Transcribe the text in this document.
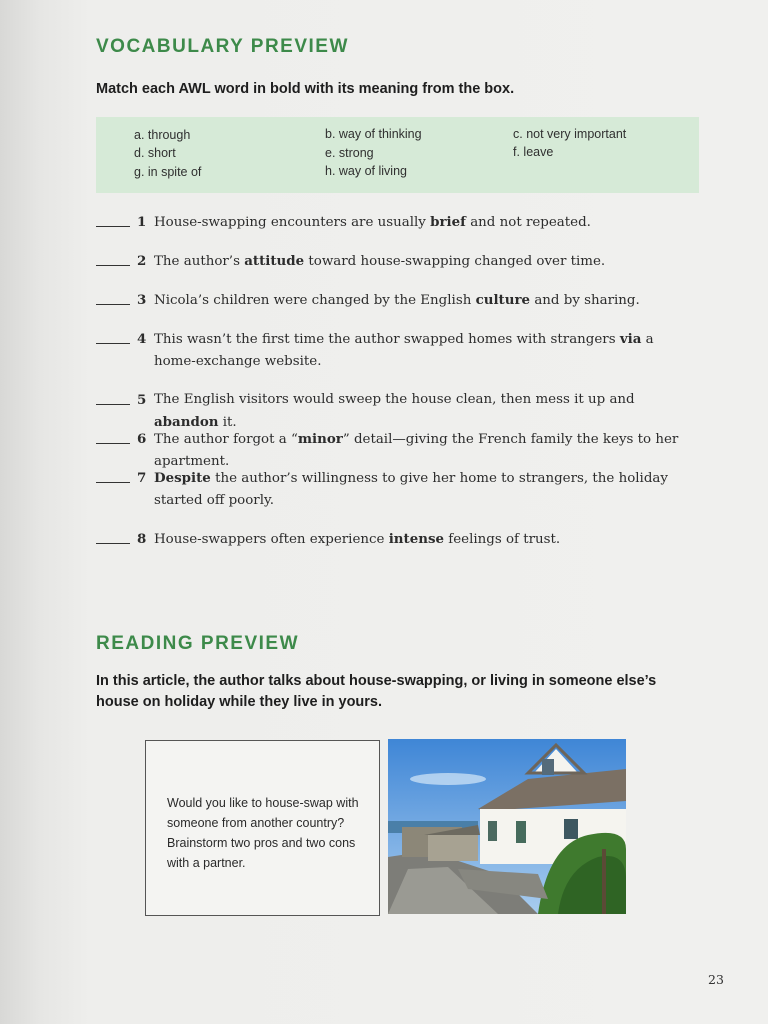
VOCABULARY PREVIEW
Match each AWL word in bold with its meaning from the box.
a. through	b. way of thinking	c. not very important
d. short	e. strong	f. leave
g. in spite of	h. way of living
1 House-swapping encounters are usually brief and not repeated.
2 The author’s attitude toward house-swapping changed over time.
3 Nicola’s children were changed by the English culture and by sharing.
4 This wasn’t the first time the author swapped homes with strangers via a home-exchange website.
5 The English visitors would sweep the house clean, then mess it up and abandon it.
6 The author forgot a “minor” detail—giving the French family the keys to her apartment.
7 Despite the author’s willingness to give her home to strangers, the holiday started off poorly.
8 House-swappers often experience intense feelings of trust.
READING PREVIEW
In this article, the author talks about house-swapping, or living in someone else’s house on holiday while they live in yours.
Would you like to house-swap with someone from another country? Brainstorm two pros and two cons with a partner.
23
